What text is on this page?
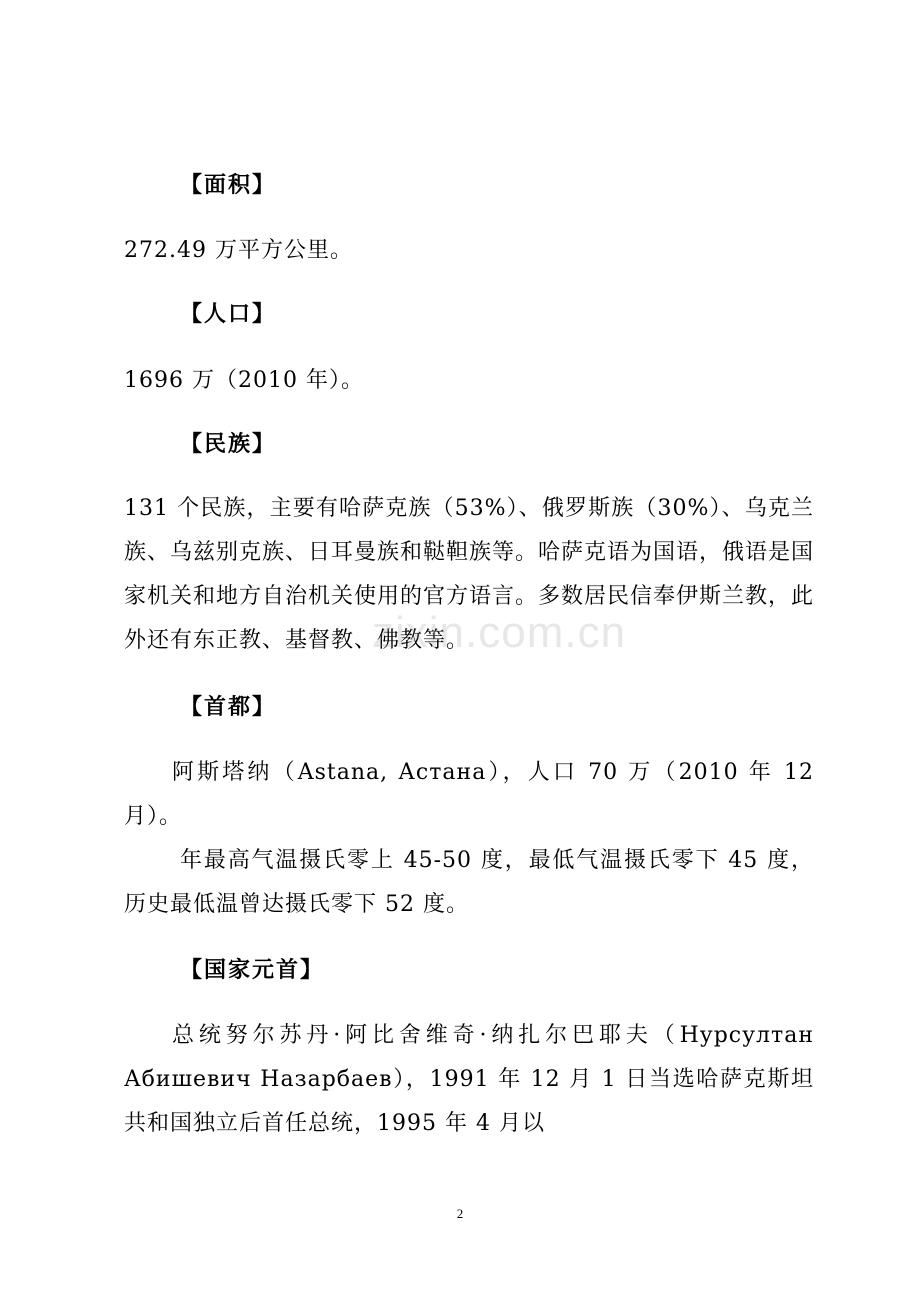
【面积】
272.49 万平方公里。
【人口】
1696 万（2010 年）。
【民族】
131 个民族，主要有哈萨克族（53%）、俄罗斯族（30%）、乌克兰族、乌兹别克族、日耳曼族和鞑靼族等。哈萨克语为国语，俄语是国家机关和地方自治机关使用的官方语言。多数居民信奉伊斯兰教，此外还有东正教、基督教、佛教等。
【首都】
阿斯塔纳（Astana, Астана），人口 70 万（2010 年 12 月）。
年最高气温摄氏零上 45-50 度，最低气温摄氏零下 45 度，历史最低温曾达摄氏零下 52 度。
【国家元首】
总统努尔苏丹·阿比舍维奇·纳扎尔巴耶夫（Нурсултан Абишевич Назарбаев），1991 年 12 月 1 日当选哈萨克斯坦共和国独立后首任总统，1995 年 4 月以
zixin.com.cn
2
